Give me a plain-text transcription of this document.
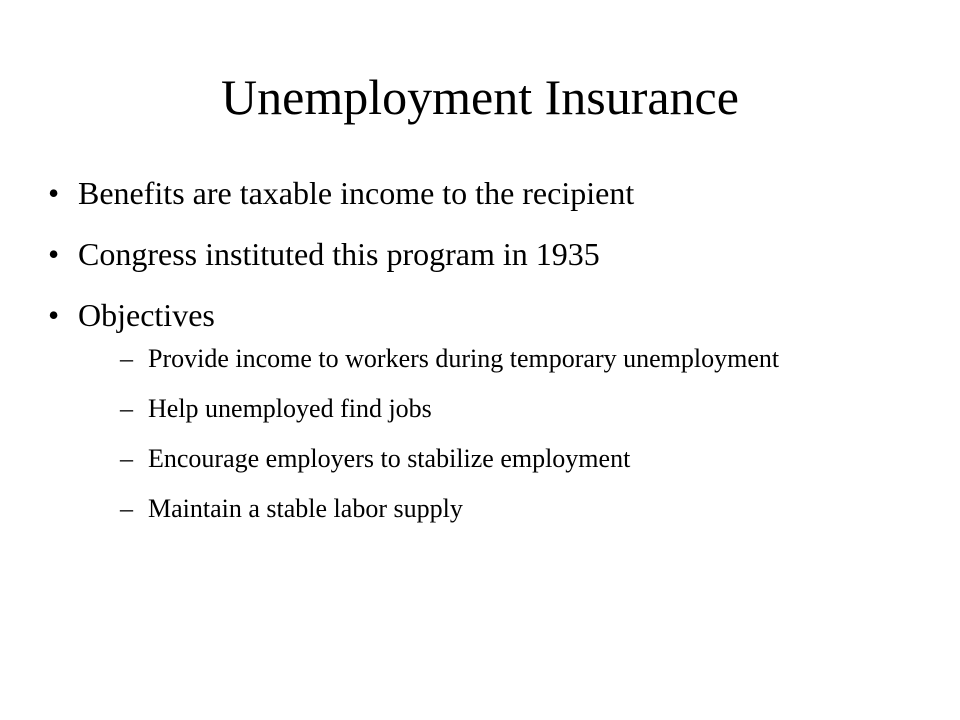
Unemployment Insurance
• Benefits are taxable income to the recipient
• Congress instituted this program in 1935
• Objectives
– Provide income to workers during temporary unemployment
– Help unemployed find jobs
– Encourage employers to stabilize employment
– Maintain a stable labor supply
